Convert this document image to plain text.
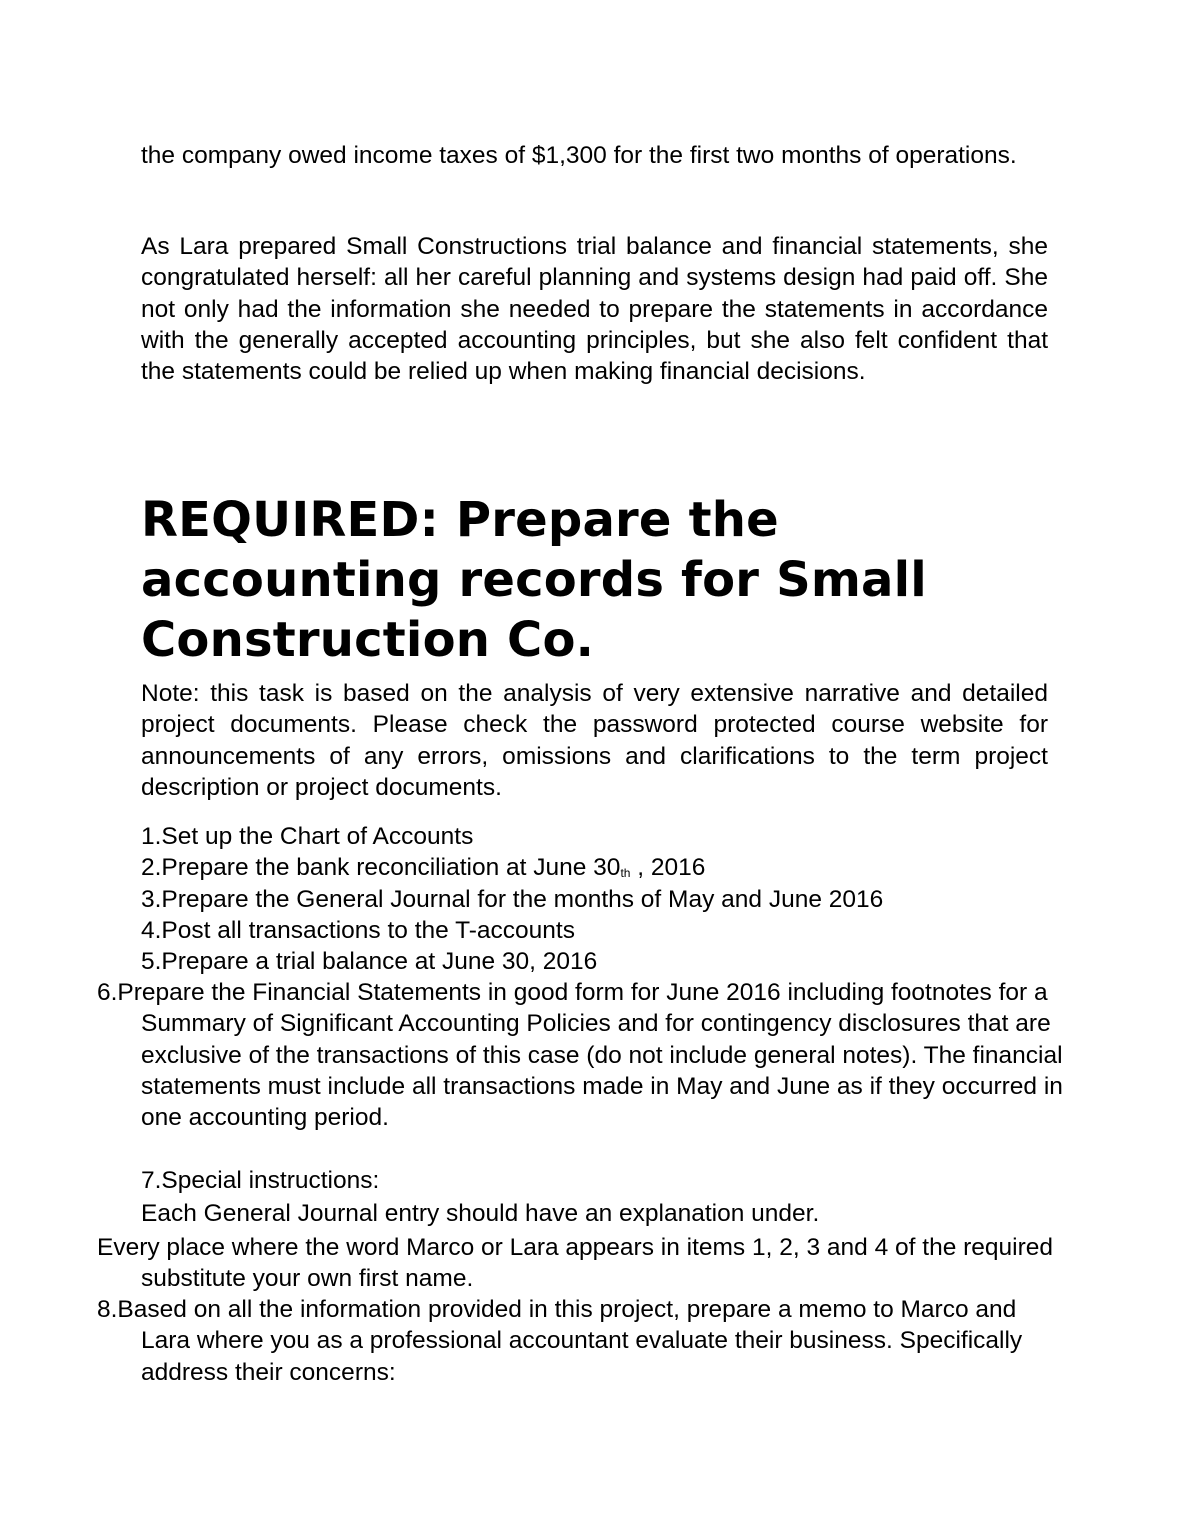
the company owed income taxes of $1,300 for the first two months of operations.

As Lara prepared Small Constructions trial balance and financial statements, she congratulated herself: all her careful planning and systems design had paid off. She not only had the information she needed to prepare the statements in accordance with the generally accepted accounting principles, but she also felt confident that the statements could be relied up when making financial decisions.

REQUIRED: Prepare the accounting records for Small Construction Co.

Note: this task is based on the analysis of very extensive narrative and detailed project documents. Please check the password protected course website for announcements of any errors, omissions and clarifications to the term project description or project documents.

1.Set up the Chart of Accounts

2.Prepare the bank reconciliation at June 30th , 2016

3.Prepare the General Journal for the months of May and June 2016

4.Post all transactions to the T-accounts

5.Prepare a trial balance at June 30, 2016

6.Prepare the Financial Statements in good form for June 2016 including footnotes for a Summary of Significant Accounting Policies and for contingency disclosures that are exclusive of the transactions of this case (do not include general notes). The financial statements must include all transactions made in May and June as if they occurred in one accounting period.

7.Special instructions:

Each General Journal entry should have an explanation under.

Every place where the word Marco or Lara appears in items 1, 2, 3 and 4 of the required substitute your own first name.

8.Based on all the information provided in this project, prepare a memo to Marco and Lara where you as a professional accountant evaluate their business. Specifically address their concerns:
